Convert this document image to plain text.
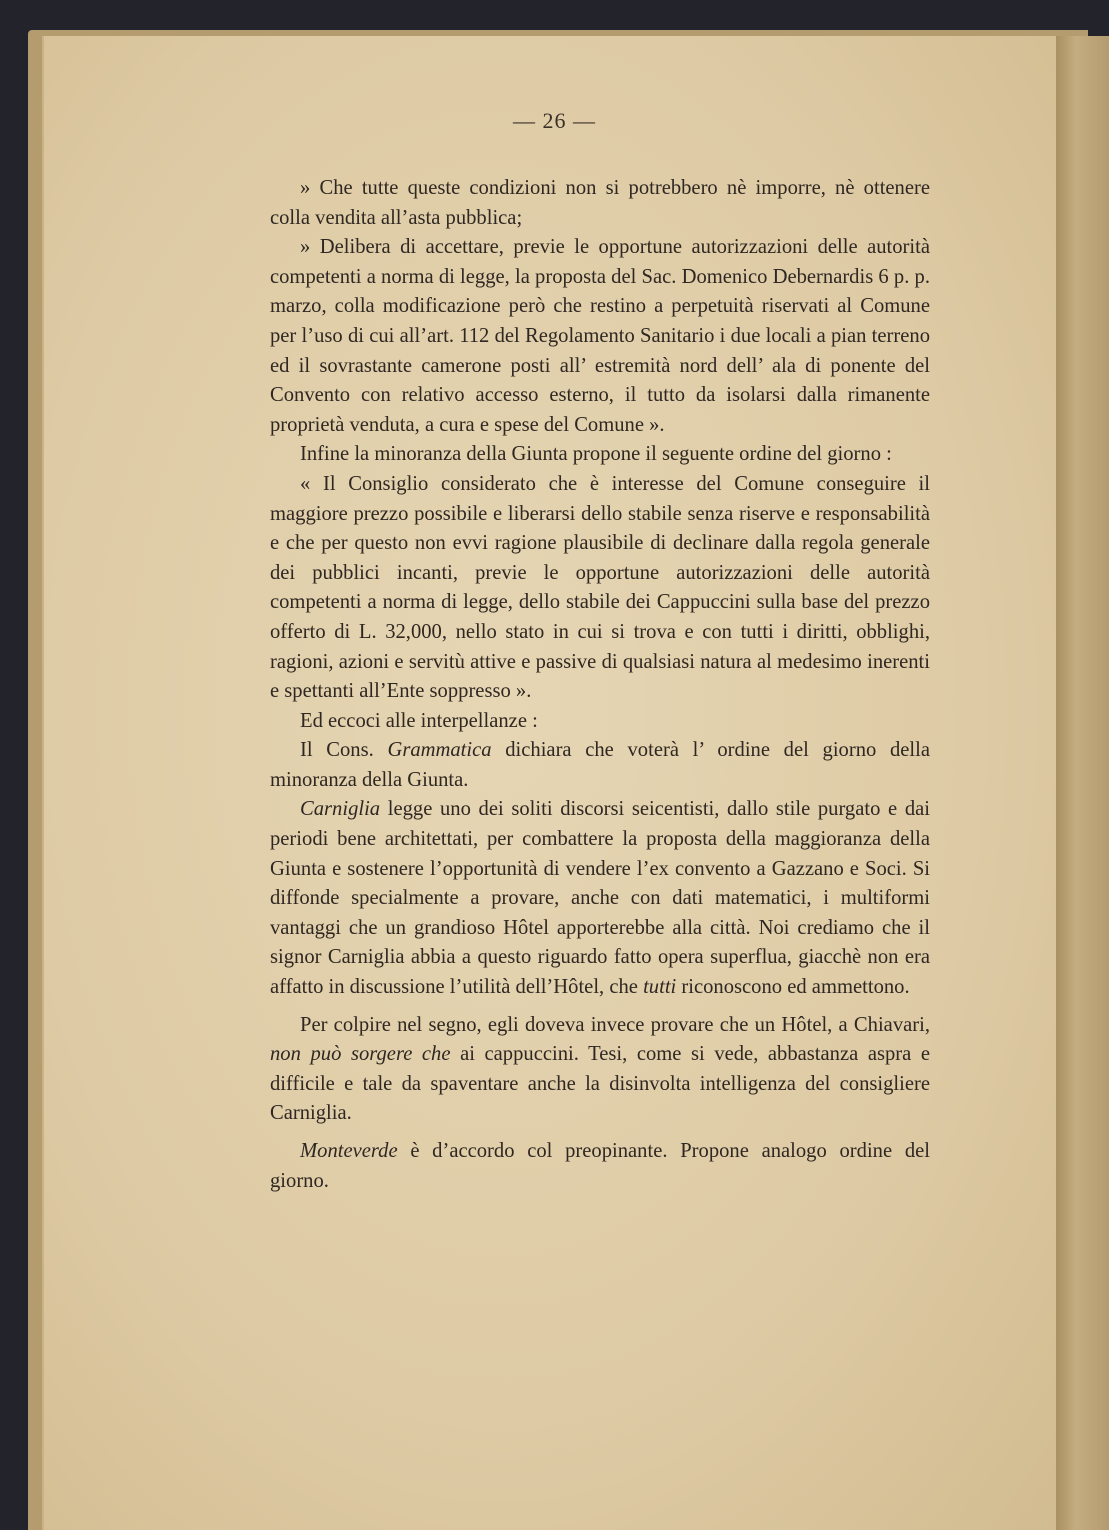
— 26 —

» Che tutte queste condizioni non si potrebbero nè imporre, nè ottenere colla vendita all’asta pubblica;

» Delibera di accettare, previe le opportune autorizzazioni delle autorità competenti a norma di legge, la proposta del Sac. Domenico Debernardis 6 p. p. marzo, colla modificazione però che restino a perpetuità riservati al Comune per l’uso di cui all’art. 112 del Regolamento Sanitario i due locali a pian terreno ed il sovrastante camerone posti all’ estremità nord dell’ ala di ponente del Convento con relativo accesso esterno, il tutto da isolarsi dalla rimanente proprietà venduta, a cura e spese del Comune ».

Infine la minoranza della Giunta propone il seguente ordine del giorno :

« Il Consiglio considerato che è interesse del Comune conseguire il maggiore prezzo possibile e liberarsi dello stabile senza riserve e responsabilità e che per questo non evvi ragione plausibile di declinare dalla regola generale dei pubblici incanti, previe le opportune autorizzazioni delle autorità competenti a norma di legge, dello stabile dei Cappuccini sulla base del prezzo offerto di L. 32,000, nello stato in cui si trova e con tutti i diritti, obblighi, ragioni, azioni e servitù attive e passive di qualsiasi natura al medesimo inerenti e spettanti all’Ente soppresso ».

Ed eccoci alle interpellanze :

Il Cons. Grammatica dichiara che voterà l’ ordine del giorno della minoranza della Giunta.

Carniglia legge uno dei soliti discorsi seicentisti, dallo stile purgato e dai periodi bene architettati, per combattere la proposta della maggioranza della Giunta e sostenere l’opportunità di vendere l’ex convento a Gazzano e Soci. Si diffonde specialmente a provare, anche con dati matematici, i multiformi vantaggi che un grandioso Hôtel apporterebbe alla città. Noi crediamo che il signor Carniglia abbia a questo riguardo fatto opera superflua, giacchè non era affatto in discussione l’utilità dell’Hôtel, che tutti riconoscono ed ammettono.

Per colpire nel segno, egli doveva invece provare che un Hôtel, a Chiavari, non può sorgere che ai cappuccini. Tesi, come si vede, abbastanza aspra e difficile e tale da spaventare anche la disinvolta intelligenza del consigliere Carniglia.

Monteverde è d’accordo col preopinante. Propone analogo ordine del giorno.
